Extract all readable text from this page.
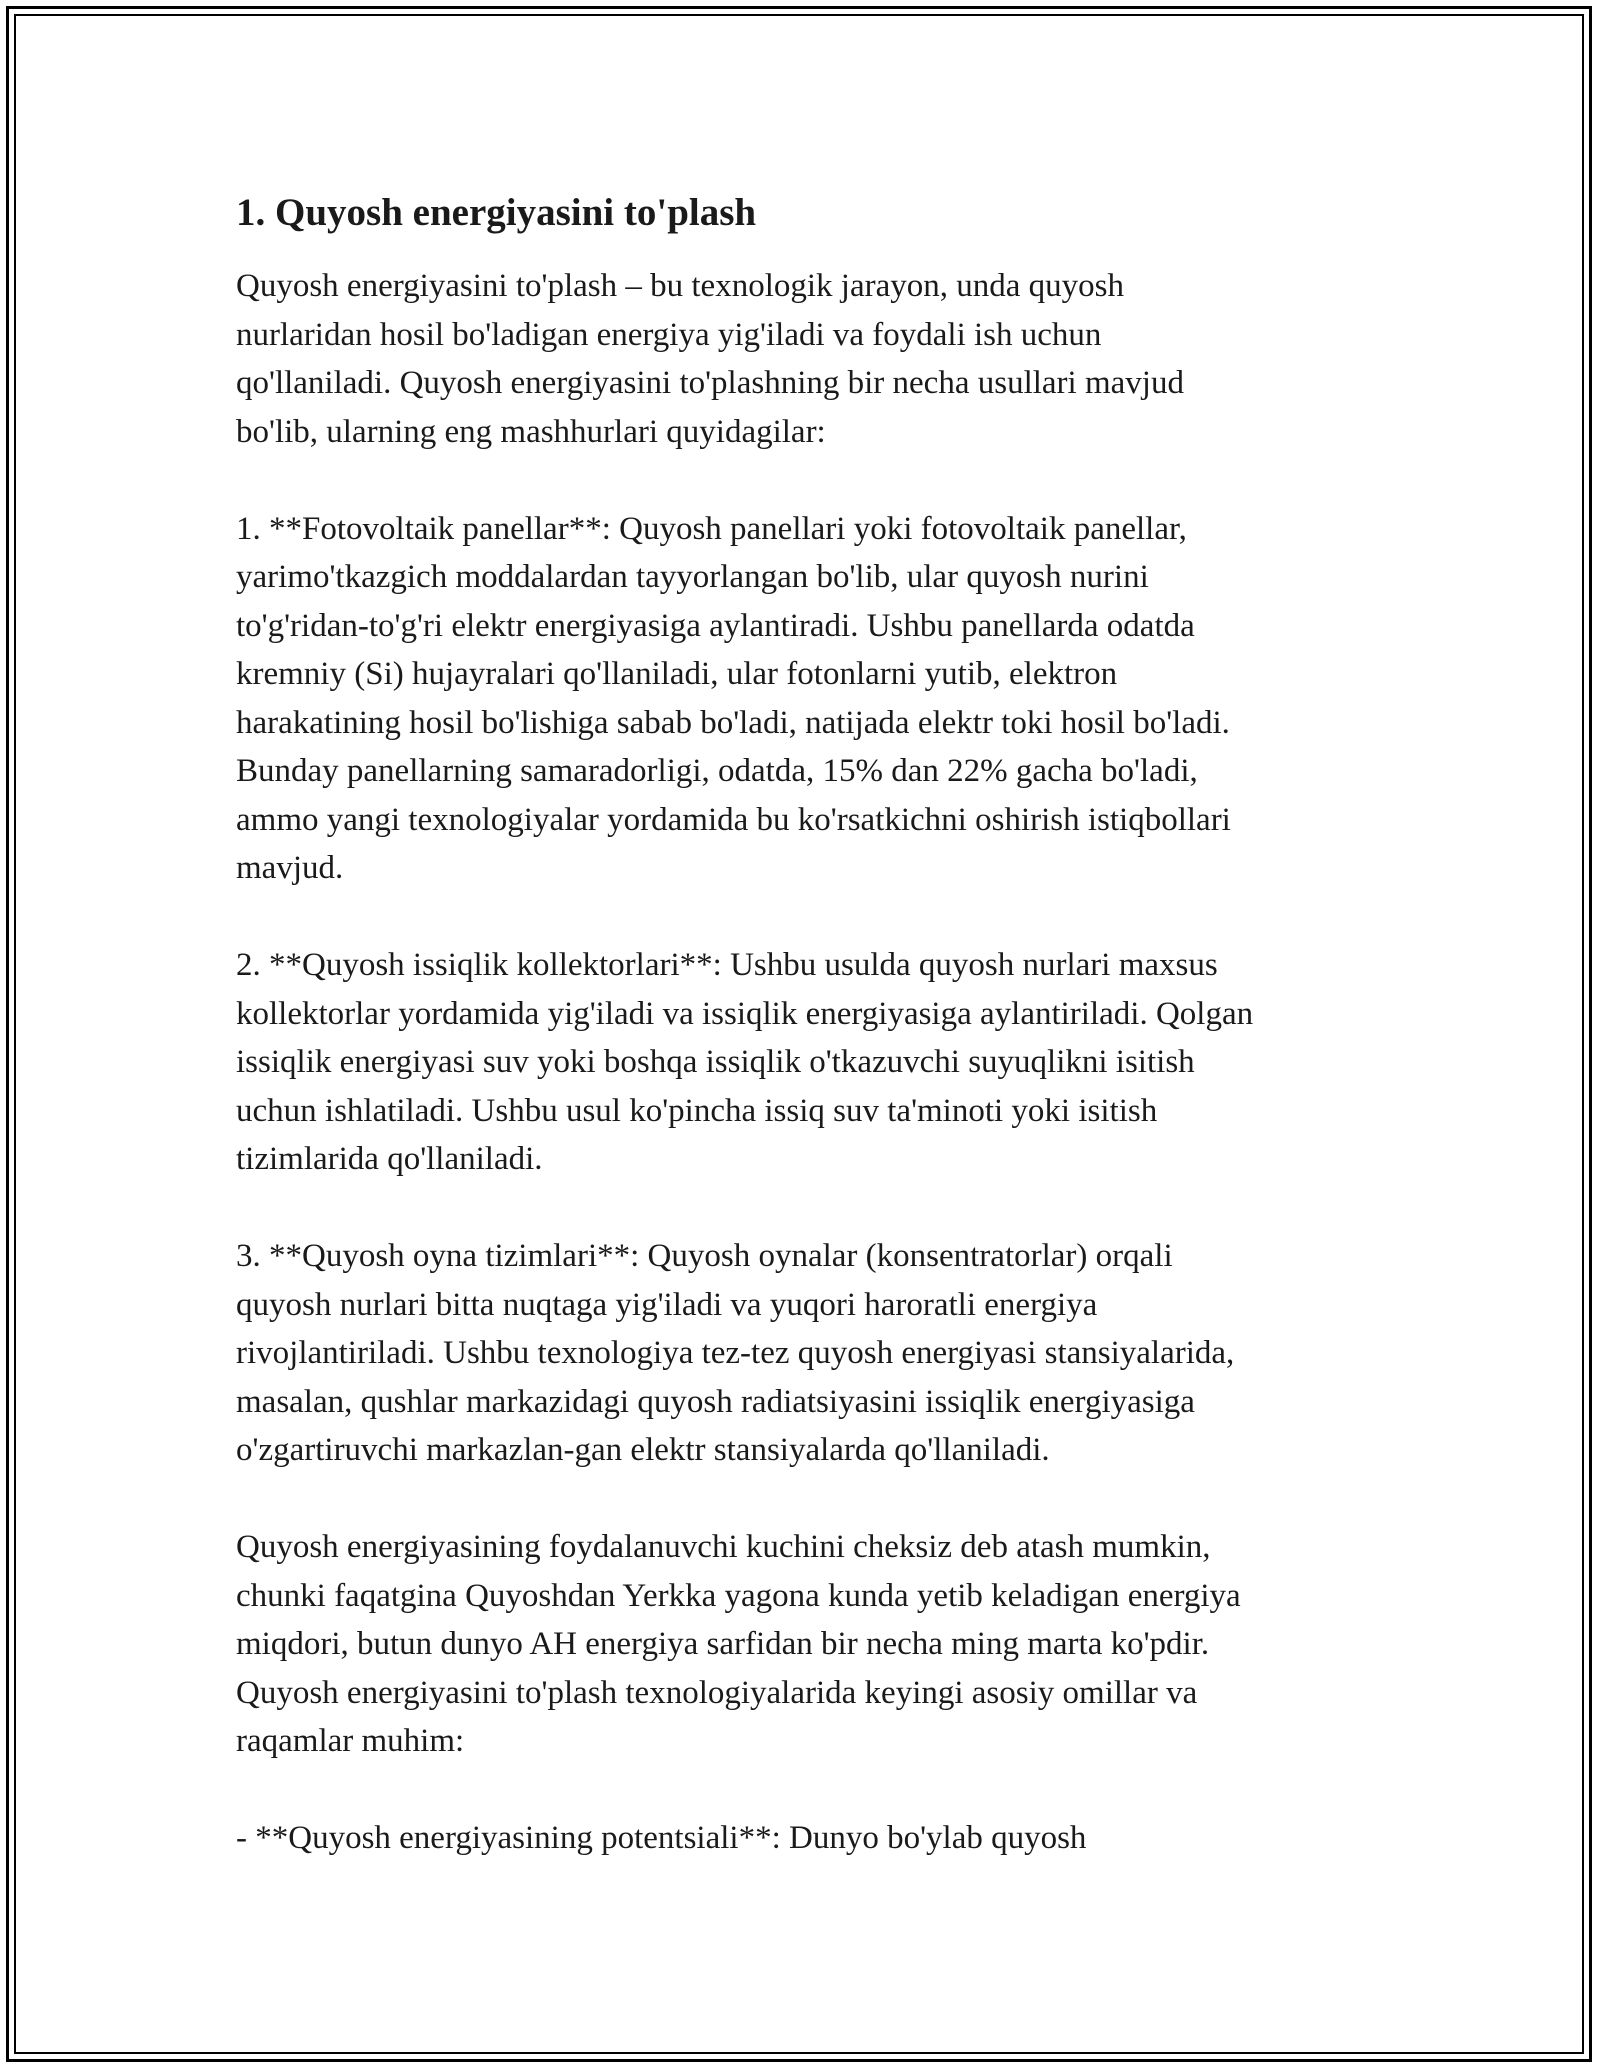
1. Quyosh energiyasini to'plash

Quyosh energiyasini to'plash – bu texnologik jarayon, unda quyosh
nurlaridan hosil bo'ladigan energiya yig'iladi va foydali ish uchun
qo'llaniladi. Quyosh energiyasini to'plashning bir necha usullari mavjud
bo'lib, ularning eng mashhurlari quyidagilar:

1. **Fotovoltaik panellar**: Quyosh panellari yoki fotovoltaik panellar,
yarimo'tkazgich moddalardan tayyorlangan bo'lib, ular quyosh nurini
to'g'ridan-to'g'ri elektr energiyasiga aylantiradi. Ushbu panellarda odatda
kremniy (Si) hujayralari qo'llaniladi, ular fotonlarni yutib, elektron
harakatining hosil bo'lishiga sabab bo'ladi, natijada elektr toki hosil bo'ladi.
Bunday panellarning samaradorligi, odatda, 15% dan 22% gacha bo'ladi,
ammo yangi texnologiyalar yordamida bu ko'rsatkichni oshirish istiqbollari
mavjud.

2. **Quyosh issiqlik kollektorlari**: Ushbu usulda quyosh nurlari maxsus
kollektorlar yordamida yig'iladi va issiqlik energiyasiga aylantiriladi. Qolgan
issiqlik energiyasi suv yoki boshqa issiqlik o'tkazuvchi suyuqlikni isitish
uchun ishlatiladi. Ushbu usul ko'pincha issiq suv ta'minoti yoki isitish
tizimlarida qo'llaniladi.

3. **Quyosh oyna tizimlari**: Quyosh oynalar (konsentratorlar) orqali
quyosh nurlari bitta nuqtaga yig'iladi va yuqori haroratli energiya
rivojlantiriladi. Ushbu texnologiya tez-tez quyosh energiyasi stansiyalarida,
masalan, qushlar markazidagi quyosh radiatsiyasini issiqlik energiyasiga
o'zgartiruvchi markazlan-gan elektr stansiyalarda qo'llaniladi.

Quyosh energiyasining foydalanuvchi kuchini cheksiz deb atash mumkin,
chunki faqatgina Quyoshdan Yerkka yagona kunda yetib keladigan energiya
miqdori, butun dunyo AH energiya sarfidan bir necha ming marta ko'pdir.
Quyosh energiyasini to'plash texnologiyalarida keyingi asosiy omillar va
raqamlar muhim:

- **Quyosh energiyasining potentsiali**: Dunyo bo'ylab quyosh
